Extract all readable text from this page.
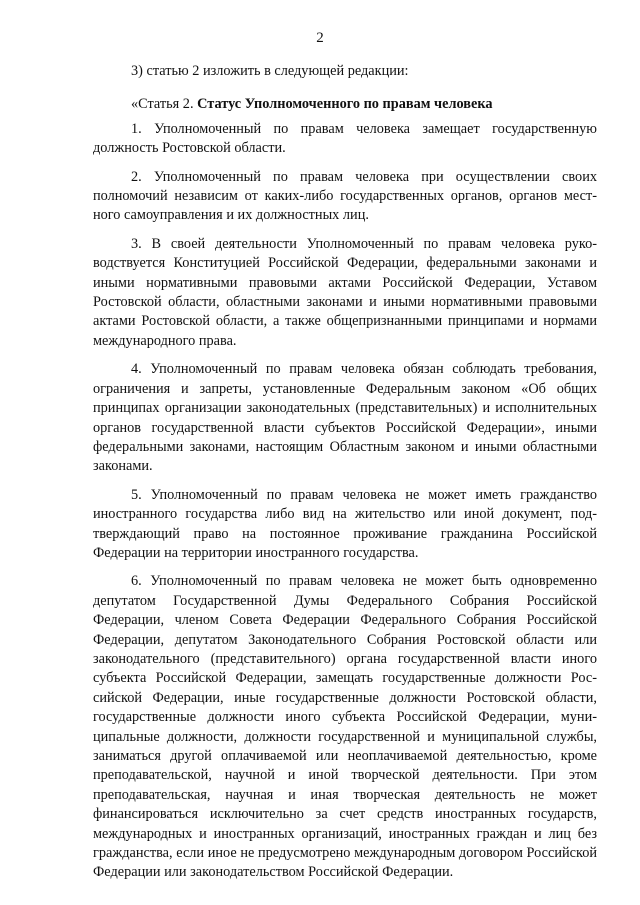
2

3) статью 2 изложить в следующей редакции:

«Статья 2. Статус Уполномоченного по правам человека

1. Уполномоченный по правам человека замещает государственную должность Ростовской области.

2. Уполномоченный по правам человека при осуществлении своих полномочий независим от каких-либо государственных органов, органов местного самоуправления и их должностных лиц.

3. В своей деятельности Уполномоченный по правам человека руководствуется Конституцией Российской Федерации, федеральными законами и иными нормативными правовыми актами Российской Федерации, Уставом Ростовской области, областными законами и иными нормативными правовыми актами Ростовской области, а также общепризнанными принципами и нормами международного права.

4. Уполномоченный по правам человека обязан соблюдать требования, ограничения и запреты, установленные Федеральным законом «Об общих принципах организации законодательных (представительных) и исполнительных органов государственной власти субъектов Российской Федерации», иными федеральными законами, настоящим Областным законом и иными областными законами.

5. Уполномоченный по правам человека не может иметь гражданство иностранного государства либо вид на жительство или иной документ, подтверждающий право на постоянное проживание гражданина Российской Федерации на территории иностранного государства.

6. Уполномоченный по правам человека не может быть одновременно депутатом Государственной Думы Федерального Собрания Российской Федерации, членом Совета Федерации Федерального Собрания Российской Федерации, депутатом Законодательного Собрания Ростовской области или законодательного (представительного) органа государственной власти иного субъекта Российской Федерации, замещать государственные должности Российской Федерации, иные государственные должности Ростовской области, государственные должности иного субъекта Российской Федерации, муниципальные должности, должности государственной и муниципальной службы, заниматься другой оплачиваемой или неоплачиваемой деятельностью, кроме преподавательской, научной и иной творческой деятельности. При этом преподавательская, научная и иная творческая деятельность не может финансироваться исключительно за счет средств иностранных государств, международных и иностранных организаций, иностранных граждан и лиц без гражданства, если иное не предусмотрено международным договором Российской Федерации или законодательством Российской Федерации.
